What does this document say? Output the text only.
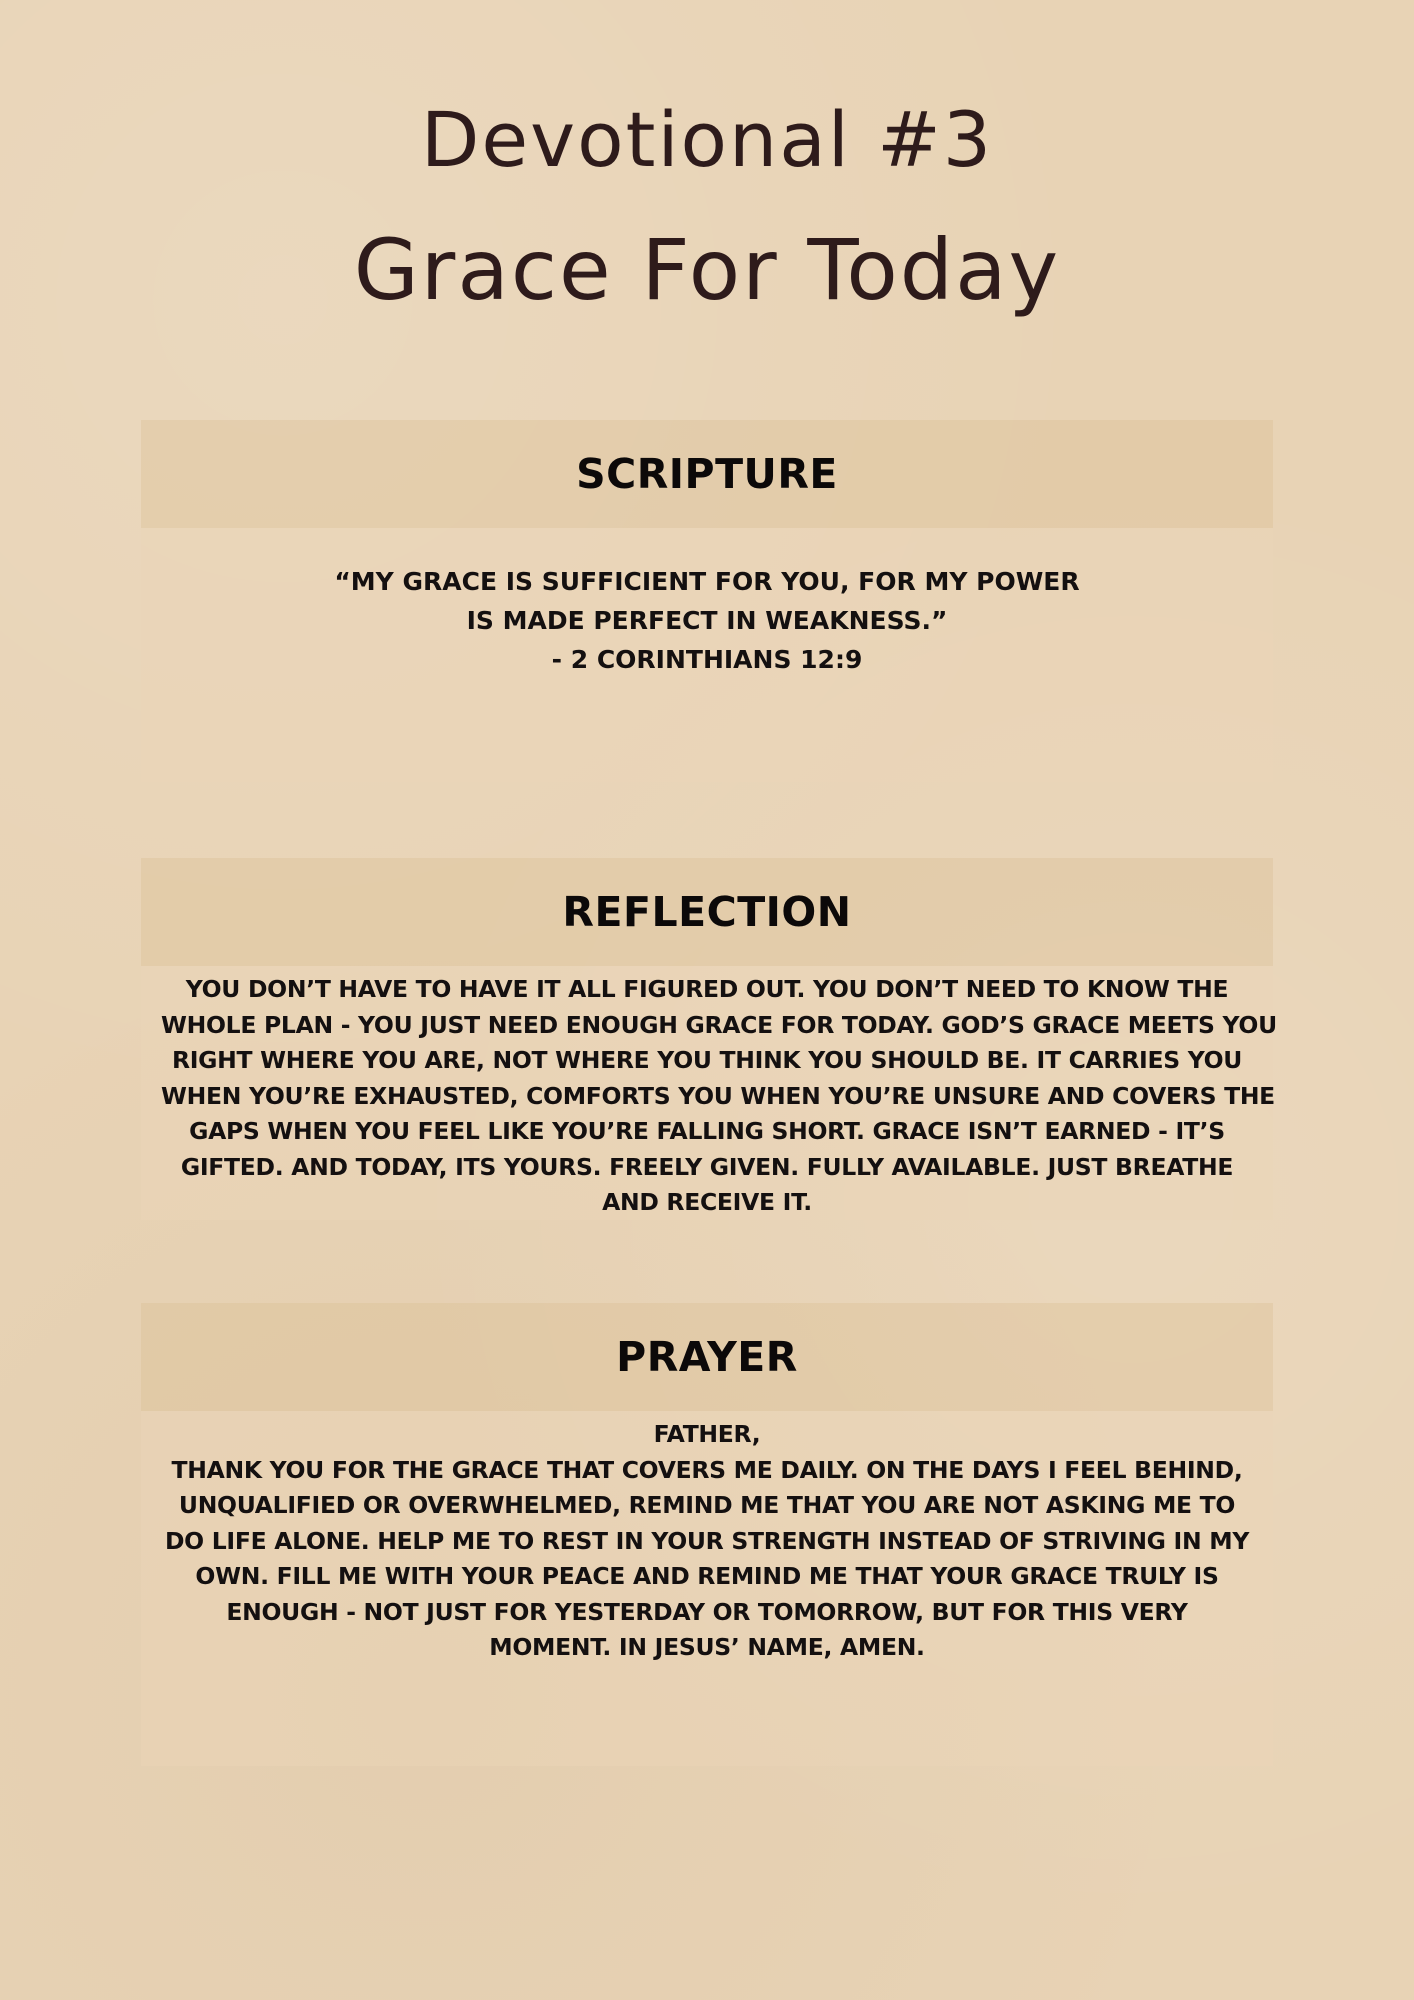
Devotional #3
Grace For Today
SCRIPTURE
“MY GRACE IS SUFFICIENT FOR YOU, FOR MY POWER
IS MADE PERFECT IN WEAKNESS.”
- 2 CORINTHIANS 12:9
REFLECTION
YOU DON’T HAVE TO HAVE IT ALL FIGURED OUT. YOU DON’T NEED TO KNOW THE
WHOLE PLAN - YOU JUST NEED ENOUGH GRACE FOR TODAY. GOD’S GRACE MEETS YOU
RIGHT WHERE YOU ARE, NOT WHERE YOU THINK YOU SHOULD BE. IT CARRIES YOU
WHEN YOU’RE EXHAUSTED, COMFORTS YOU WHEN YOU’RE UNSURE AND COVERS THE
GAPS WHEN YOU FEEL LIKE YOU’RE FALLING SHORT. GRACE ISN’T EARNED - IT’S
GIFTED. AND TODAY, ITS YOURS. FREELY GIVEN. FULLY AVAILABLE. JUST BREATHE
AND RECEIVE IT.
PRAYER
FATHER,
THANK YOU FOR THE GRACE THAT COVERS ME DAILY. ON THE DAYS I FEEL BEHIND,
UNQUALIFIED OR OVERWHELMED, REMIND ME THAT YOU ARE NOT ASKING ME TO
DO LIFE ALONE. HELP ME TO REST IN YOUR STRENGTH INSTEAD OF STRIVING IN MY
OWN. FILL ME WITH YOUR PEACE AND REMIND ME THAT YOUR GRACE TRULY IS
ENOUGH - NOT JUST FOR YESTERDAY OR TOMORROW, BUT FOR THIS VERY
MOMENT. IN JESUS’ NAME, AMEN.
